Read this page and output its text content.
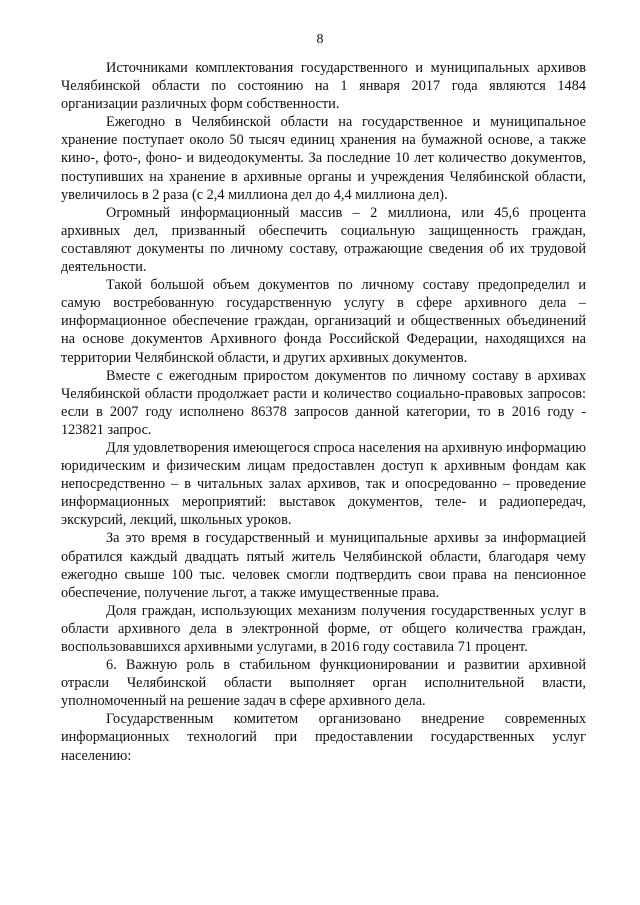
8

Источниками комплектования государственного и муниципальных архивов Челябинской области по состоянию на 1 января 2017 года являются 1484 организации различных форм собственности.

Ежегодно в Челябинской области на государственное и муниципальное хранение поступает около 50 тысяч единиц хранения на бумажной основе, а также кино-, фото-, фоно- и видеодокументы. За последние 10 лет количество документов, поступивших на хранение в архивные органы и учреждения Челябинской области, увеличилось в 2 раза (с 2,4 миллиона дел до 4,4 миллиона дел).

Огромный информационный массив – 2 миллиона, или 45,6 процента архивных дел, призванный обеспечить социальную защищенность граждан, составляют документы по личному составу, отражающие сведения об их трудовой деятельности.

Такой большой объем документов по личному составу предопределил и самую востребованную государственную услугу в сфере архивного дела – информационное обеспечение граждан, организаций и общественных объединений на основе документов Архивного фонда Российской Федерации, находящихся на территории Челябинской области, и других архивных документов.

Вместе с ежегодным приростом документов по личному составу в архивах Челябинской области продолжает расти и количество социально-правовых запросов: если в 2007 году исполнено 86378 запросов данной категории, то в 2016 году - 123821 запрос.

Для удовлетворения имеющегося спроса населения на архивную информацию юридическим и физическим лицам предоставлен доступ к архивным фондам как непосредственно – в читальных залах архивов, так и опосредованно – проведение информационных мероприятий: выставок документов, теле- и радиопередач, экскурсий, лекций, школьных уроков.

За это время в государственный и муниципальные архивы за информацией обратился каждый двадцать пятый житель Челябинской области, благодаря чему ежегодно свыше 100 тыс. человек смогли подтвердить свои права на пенсионное обеспечение, получение льгот, а также имущественные права.

Доля граждан, использующих механизм получения государственных услуг в области архивного дела в электронной форме, от общего количества граждан, воспользовавшихся архивными услугами, в 2016 году составила 71 процент.

6. Важную роль в стабильном функционировании и развитии архивной отрасли Челябинской области выполняет орган исполнительной власти, уполномоченный на решение задач в сфере архивного дела.

Государственным комитетом организовано внедрение современных информационных технологий при предоставлении государственных услуг населению:
